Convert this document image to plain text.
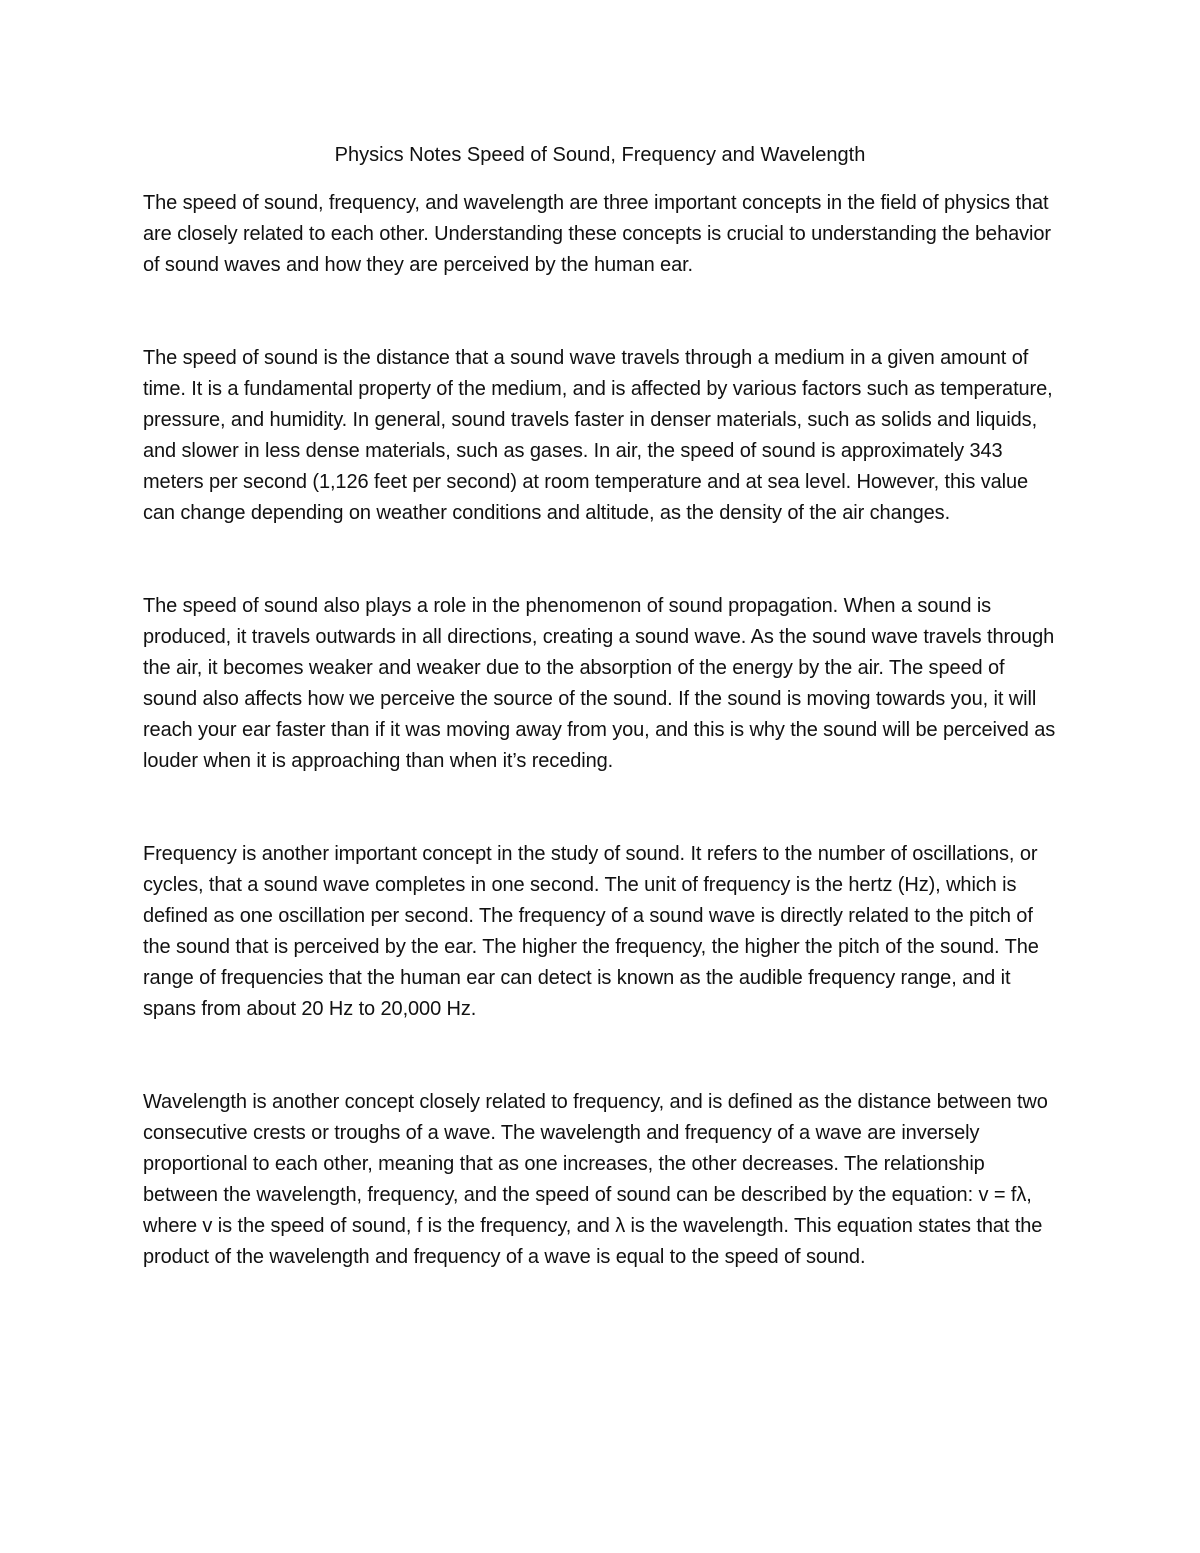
Physics Notes Speed of Sound, Frequency and Wavelength

The speed of sound, frequency, and wavelength are three important concepts in the field of physics that are closely related to each other. Understanding these concepts is crucial to understanding the behavior of sound waves and how they are perceived by the human ear.

The speed of sound is the distance that a sound wave travels through a medium in a given amount of time. It is a fundamental property of the medium, and is affected by various factors such as temperature, pressure, and humidity. In general, sound travels faster in denser materials, such as solids and liquids, and slower in less dense materials, such as gases. In air, the speed of sound is approximately 343 meters per second (1,126 feet per second) at room temperature and at sea level. However, this value can change depending on weather conditions and altitude, as the density of the air changes.

The speed of sound also plays a role in the phenomenon of sound propagation. When a sound is produced, it travels outwards in all directions, creating a sound wave. As the sound wave travels through the air, it becomes weaker and weaker due to the absorption of the energy by the air. The speed of sound also affects how we perceive the source of the sound. If the sound is moving towards you, it will reach your ear faster than if it was moving away from you, and this is why the sound will be perceived as louder when it is approaching than when it’s receding.

Frequency is another important concept in the study of sound. It refers to the number of oscillations, or cycles, that a sound wave completes in one second. The unit of frequency is the hertz (Hz), which is defined as one oscillation per second. The frequency of a sound wave is directly related to the pitch of the sound that is perceived by the ear. The higher the frequency, the higher the pitch of the sound. The range of frequencies that the human ear can detect is known as the audible frequency range, and it spans from about 20 Hz to 20,000 Hz.

Wavelength is another concept closely related to frequency, and is defined as the distance between two consecutive crests or troughs of a wave. The wavelength and frequency of a wave are inversely proportional to each other, meaning that as one increases, the other decreases. The relationship between the wavelength, frequency, and the speed of sound can be described by the equation: v = fλ, where v is the speed of sound, f is the frequency, and λ is the wavelength. This equation states that the product of the wavelength and frequency of a wave is equal to the speed of sound.
